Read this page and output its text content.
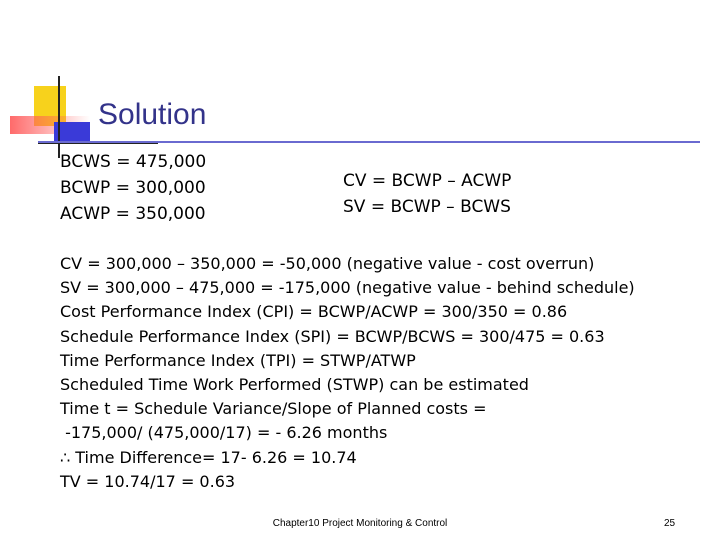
Solution
BCWS = 475,000
BCWP = 300,000
ACWP = 350,000
CV = BCWP – ACWP
SV = BCWP – BCWS
CV = 300,000 – 350,000 = -50,000 (negative value - cost overrun)
SV = 300,000 – 475,000 = -175,000 (negative value - behind schedule)
Cost Performance Index (CPI) = BCWP/ACWP = 300/350 = 0.86
Schedule Performance Index (SPI) = BCWP/BCWS = 300/475 = 0.63
Time Performance Index (TPI) = STWP/ATWP
Scheduled Time Work Performed (STWP) can be estimated
Time t = Schedule Variance/Slope of Planned costs =
-175,000/ (475,000/17) = - 6.26 months
∴ Time Difference= 17- 6.26 = 10.74
TV = 10.74/17 = 0.63
Chapter10 Project Monitoring & Control	25
